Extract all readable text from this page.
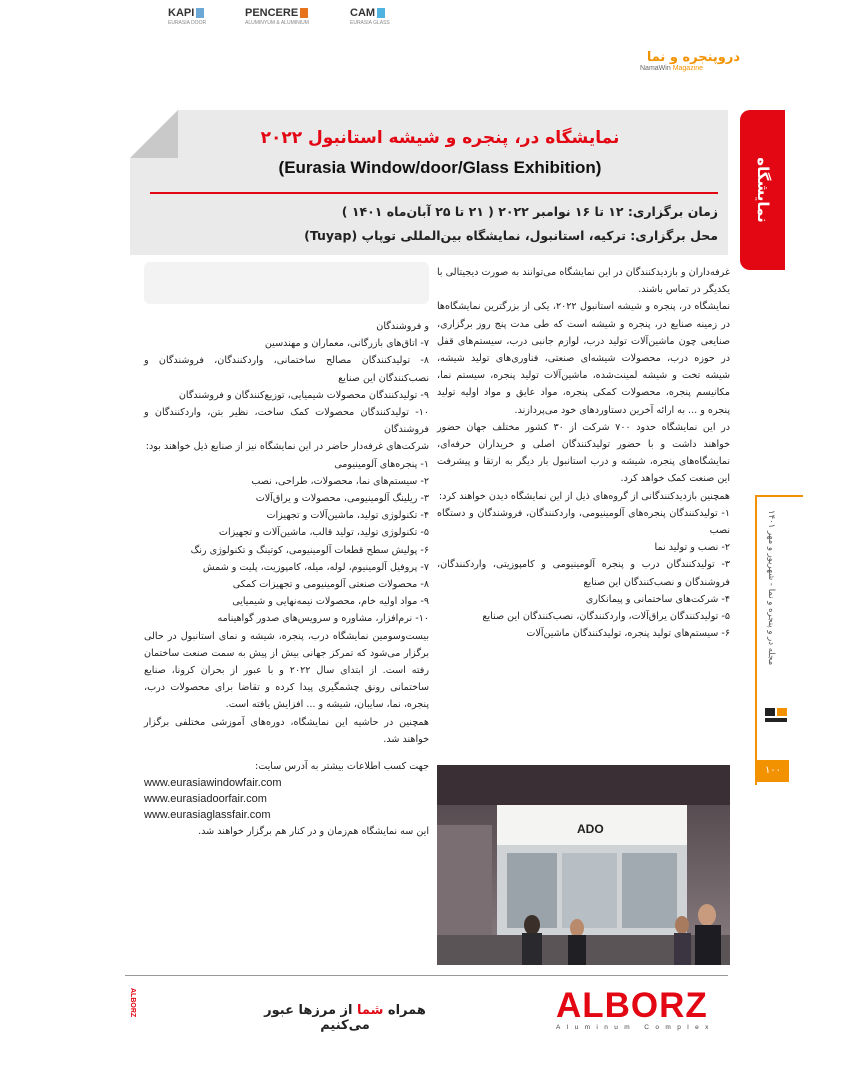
دروپنجره و نما
NamaWin Magazine
نمایشگاه
مجله در و پنجره و نما - شهریور و مهر ۱۴۰۱
۱۰۰
نمایشگاه در، پنجره و شیشه استانبول ۲۰۲۲
(Eurasia Window/door/Glass Exhibition)
زمان برگزاری: ۱۲ تا ۱۶ نوامبر ۲۰۲۲ ( ۲۱ تا ۲۵ آبان‌ماه ۱۴۰۱ )
محل برگزاری: ترکیه، استانبول، نمایشگاه بین‌المللی توپاپ (Tuyap)
KAPI
EURASIA DOOR
PENCERE
ALUMINYUM & ALUMINIUM
CAM
EURASIA GLASS

غرفه‌داران و بازدیدکنندگان در این نمایشگاه می‌توانند به صورت دیجیتالی با یکدیگر در تماس باشند.

نمایشگاه در، پنجره و شیشه استانبول ۲۰۲۲، یکی از بزرگترین نمایشگاه‌ها در زمینه صنایع در، پنجره و شیشه است که طی مدت پنج روز برگزاری، صنایعی چون ماشین‌آلات تولید درب، لوازم جانبی درب، سیستم‌های قفل در حوزه درب، محصولات شیشه‌ای صنعتی، فناوری‌های تولید شیشه، شیشه تخت و شیشه لمینت‌شده، ماشین‌آلات تولید پنجره، سیستم نما، مکانیسم پنجره، محصولات کمکی پنجره، مواد عایق و مواد اولیه تولید پنجره و ... به ارائه آخرین دستاوردهای خود می‌پردازند.

در این نمایشگاه حدود ۷۰۰ شرکت از ۳۰ کشور مختلف جهان حضور خواهند داشت و با حضور تولیدکنندگان اصلی و خریداران حرفه‌ای، نمایشگاه‌های پنجره، شیشه و درب استانبول بار دیگر به ارتقا و پیشرفت این صنعت کمک خواهد کرد.

همچنین بازدیدکنندگانی از گروه‌های ذیل از این نمایشگاه دیدن خواهند کرد:

۱- تولیدکنندگان پنجره‌های آلومینیومی، واردکنندگان، فروشندگان و دستگاه نصب

۲- نصب و تولید نما

۳- تولیدکنندگان درب و پنجره آلومینیومی و کامپوزیتی، واردکنندگان، فروشندگان و نصب‌کنندگان این صنایع

۴- شرکت‌های ساختمانی و پیمانکاری

۵- تولیدکنندگان یراق‌آلات، واردکنندگان، نصب‌کنندگان این صنایع

۶- سیستم‌های تولید پنجره، تولیدکنندگان ماشین‌آلات

و فروشندگان

۷- اتاق‌های بازرگانی، معماران و مهندسین

۸- تولیدکنندگان مصالح ساختمانی، واردکنندگان، فروشندگان و نصب‌کنندگان این صنایع

۹- تولیدکنندگان محصولات شیمیایی، توزیع‌کنندگان و فروشندگان

۱۰- تولیدکنندگان محصولات کمک ساخت، نظیر بتن، واردکنندگان و فروشندگان

شرکت‌های غرفه‌دار حاضر در این نمایشگاه نیز از صنایع ذیل خواهند بود:

۱- پنجره‌های آلومینیومی

۲- سیستم‌های نما، محصولات، طراحی، نصب

۳- ریلینگ آلومینیومی، محصولات و یراق‌آلات

۴- تکنولوژی تولید، ماشین‌آلات و تجهیزات

۵- تکنولوژی تولید، تولید قالب، ماشین‌آلات و تجهیزات

۶- پولیش سطح قطعات آلومینیومی، کوتینگ و تکنولوژی رنگ

۷- پروفیل آلومینیوم، لوله، میله، کامپوزیت، پلیت و شمش

۸- محصولات صنعتی آلومینیومی و تجهیزات کمکی

۹- مواد اولیه خام، محصولات نیمه‌نهایی و شیمیایی

۱۰- نرم‌افزار، مشاوره و سرویس‌های صدور گواهینامه

بیست‌وسومین نمایشگاه درب، پنجره، شیشه و نمای استانبول در حالی برگزار می‌شود که تمرکز جهانی بیش از پیش به سمت صنعت ساختمان رفته است. از ابتدای سال ۲۰۲۲ و با عبور از بحران کرونا، صنایع ساختمانی رونق چشمگیری پیدا کرده و تقاضا برای محصولات درب، پنجره، نما، سایبان، شیشه و ... افزایش یافته است.

همچنین در حاشیه این نمایشگاه، دوره‌های آموزشی مختلفی برگزار خواهند شد.

جهت کسب اطلاعات بیشتر به آدرس سایت:

www.eurasiawindowfair.com
www.eurasiadoorfair.com
www.eurasiaglassfair.com

این سه نمایشگاه هم‌زمان و در کنار هم برگزار خواهند شد.	ADO
ALBORZ	همراه شما از مرزها عبور می‌کنیم
ALBORZ
Aluminum Complex
